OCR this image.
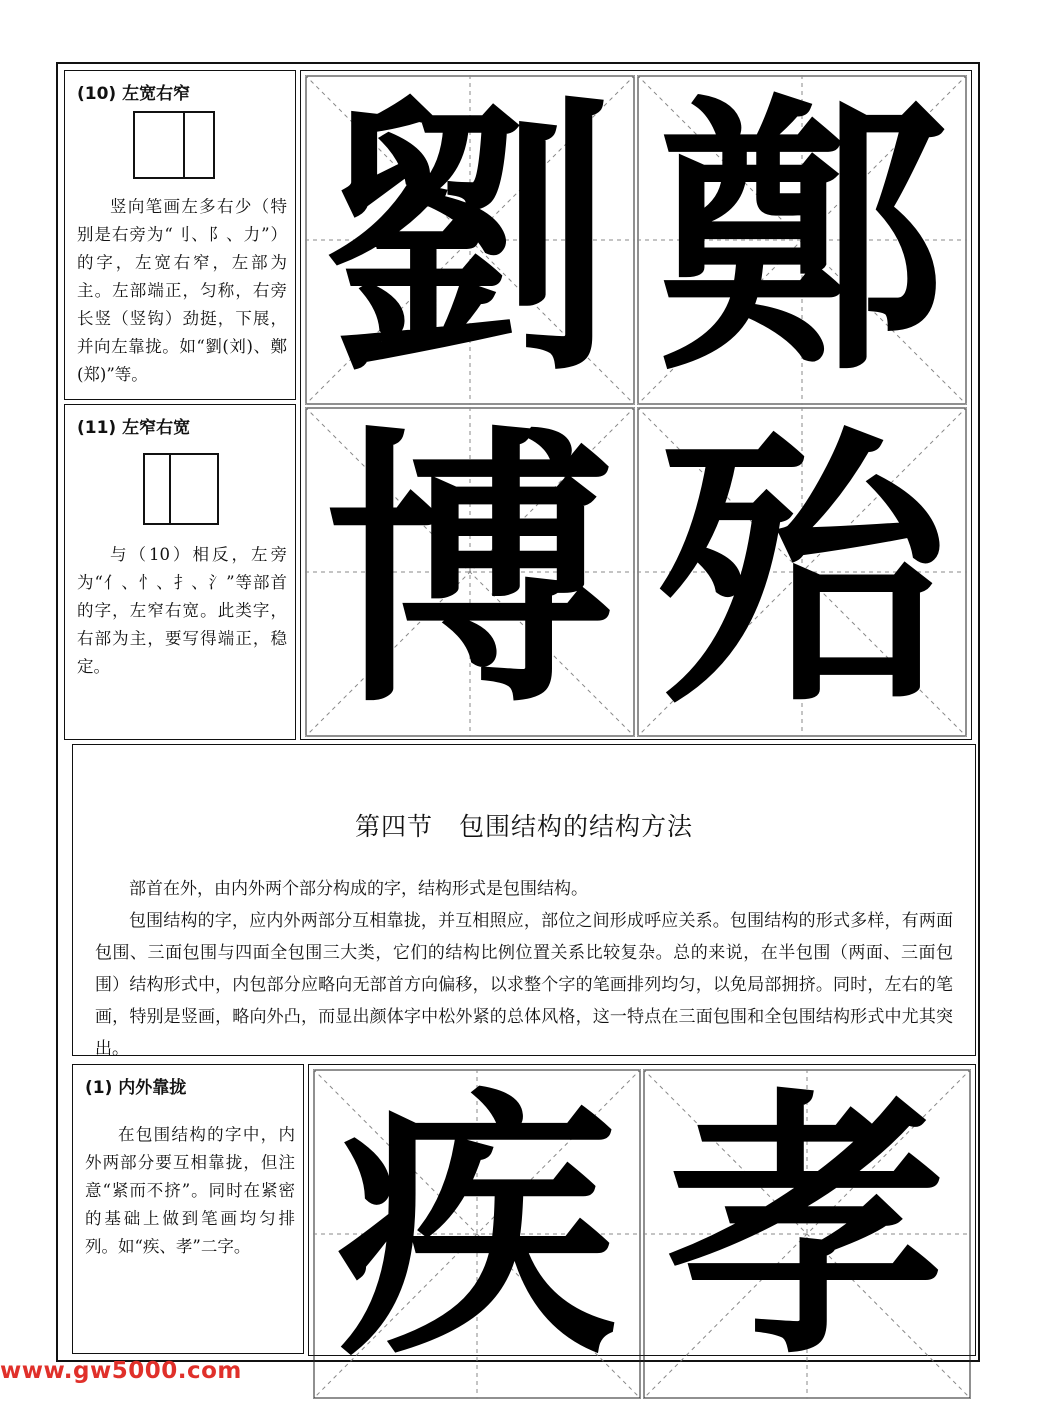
(10) 左宽右窄
竖向笔画左多右少（特别是右旁为“刂、阝、力”）的字，左宽右窄，左部为主。左部端正，匀称，右旁长竖（竖钩）劲挺，下展，并向左靠拢。如“劉(刘)、鄭(郑)”等。
(11) 左窄右宽
与（10）相反，左旁为“亻、忄、扌、氵”等部首的字，左窄右宽。此类字，右部为主，要写得端正，稳定。
劉 鄭
博 殆
第四节　包围结构的结构方法

部首在外，由内外两个部分构成的字，结构形式是包围结构。

包围结构的字，应内外两部分互相靠拢，并互相照应，部位之间形成呼应关系。包围结构的形式多样，有两面包围、三面包围与四面全包围三大类，它们的结构比例位置关系比较复杂。总的来说，在半包围（两面、三面包围）结构形式中，内包部分应略向无部首方向偏移，以求整个字的笔画排列均匀，以免局部拥挤。同时，左右的笔画，特别是竖画，略向外凸，而显出颜体字中松外紧的总体风格，这一特点在三面包围和全包围结构形式中尤其突出。

(1) 内外靠拢
在包围结构的字中，内外两部分要互相靠拢，但注意“紧而不挤”。同时在紧密的基础上做到笔画均匀排列。如“疾、孝”二字。 疾 孝
www.gw5000.com
